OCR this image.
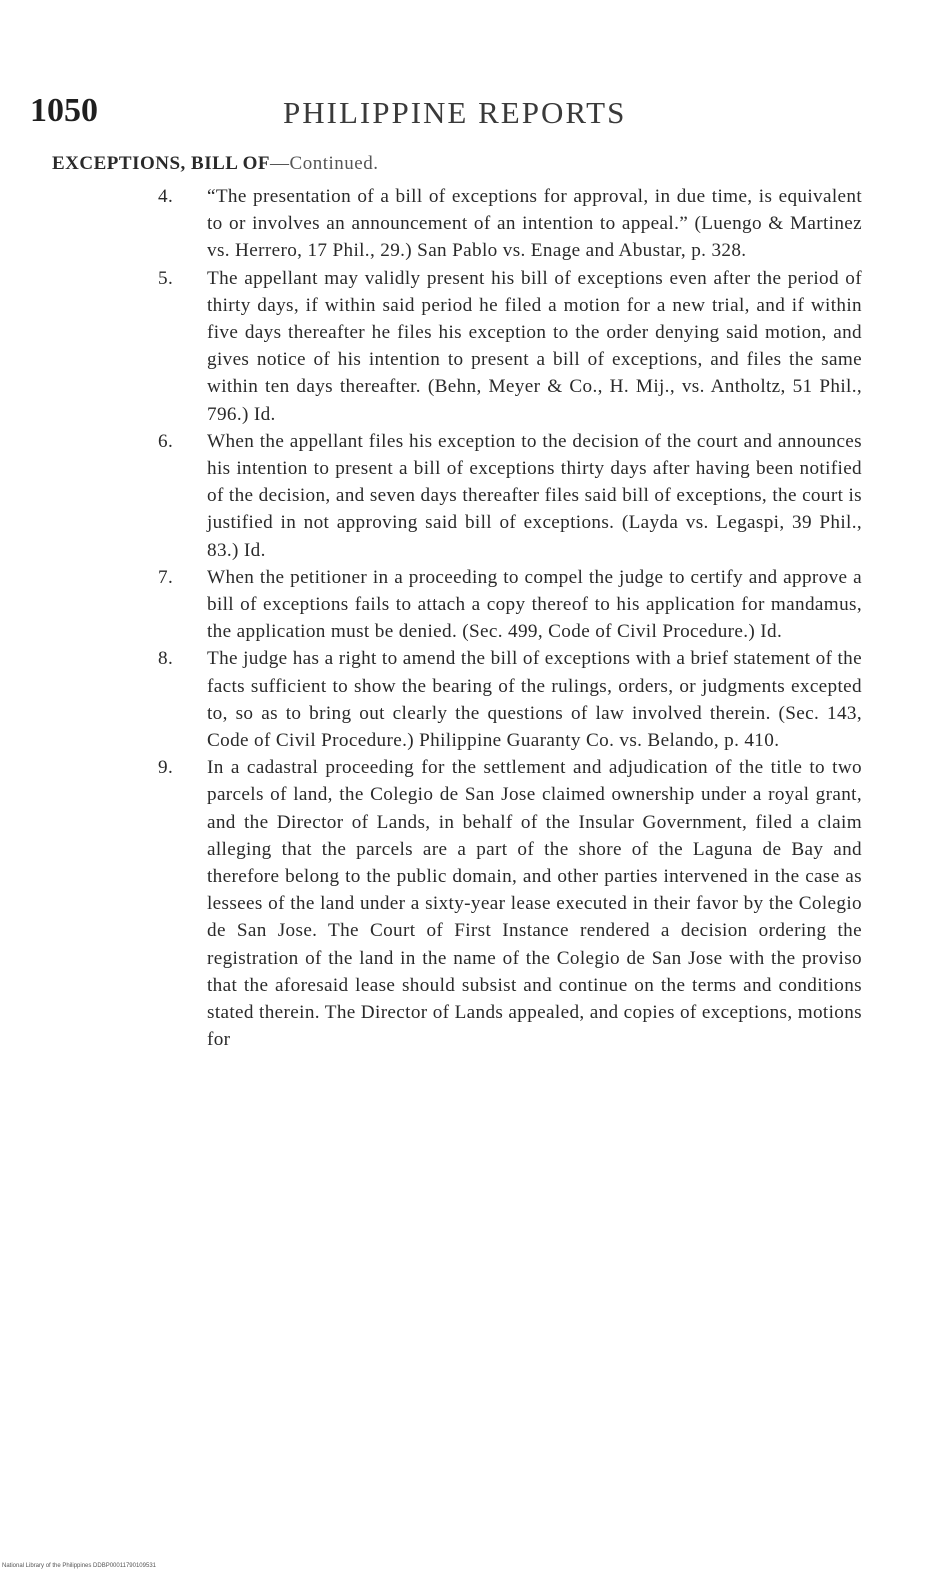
1050	PHILIPPINE REPORTS
EXCEPTIONS, BILL OF—Continued.
4.	“The presentation of a bill of exceptions for approval, in due time, is equivalent to or involves an announcement of an intention to appeal.” (Luengo & Martinez vs. Herrero, 17 Phil., 29.) San Pablo vs. Enage and Abustar, p. 328.
5.	The appellant may validly present his bill of exceptions even after the period of thirty days, if within said period he filed a motion for a new trial, and if within five days thereafter he files his exception to the order denying said motion, and gives notice of his intention to present a bill of exceptions, and files the same within ten days thereafter. (Behn, Meyer & Co., H. Mij., vs. Antholtz, 51 Phil., 796.) Id.
6.	When the appellant files his exception to the decision of the court and announces his intention to present a bill of exceptions thirty days after having been notified of the decision, and seven days thereafter files said bill of exceptions, the court is justified in not approving said bill of exceptions. (Layda vs. Legaspi, 39 Phil., 83.) Id.
7.	When the petitioner in a proceeding to compel the judge to certify and approve a bill of exceptions fails to attach a copy thereof to his application for mandamus, the application must be denied. (Sec. 499, Code of Civil Procedure.) Id.
8.	The judge has a right to amend the bill of exceptions with a brief statement of the facts sufficient to show the bearing of the rulings, orders, or judgments excepted to, so as to bring out clearly the questions of law involved therein. (Sec. 143, Code of Civil Procedure.) Philippine Guaranty Co. vs. Belando, p. 410.
9.	In a cadastral proceeding for the settlement and adjudication of the title to two parcels of land, the Colegio de San Jose claimed ownership under a royal grant, and the Director of Lands, in behalf of the Insular Government, filed a claim alleging that the parcels are a part of the shore of the Laguna de Bay and therefore belong to the public domain, and other parties intervened in the case as lessees of the land under a sixty-year lease executed in their favor by the Colegio de San Jose. The Court of First Instance rendered a decision ordering the registration of the land in the name of the Colegio de San Jose with the proviso that the aforesaid lease should subsist and continue on the terms and conditions stated therein. The Director of Lands appealed, and copies of exceptions, motions for
National Library of the Philippines DDBP00011790109531
